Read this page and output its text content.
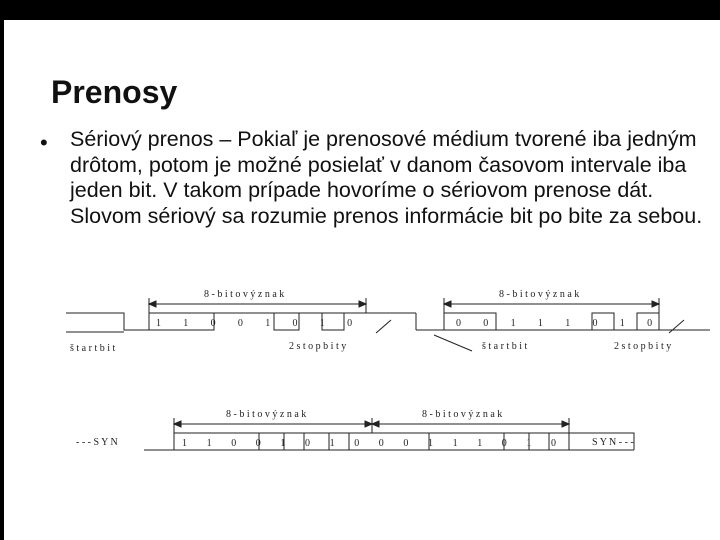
Prenosy
• Sériový prenos – Pokiaľ je prenosové médium tvorené iba jedným drôtom, potom je možné posielať v danom časovom intervale iba jeden bit. V takom prípade hovoríme o sériovom prenose dát. Slovom sériový sa rozumie prenos informácie bit po bite za sebou.

8 - b i t o v ý z n a k
1 1 0 0 1 0 1 0
š t a r t b i t	2 s t o p b i t y
8 - b i t o v ý z n a k
0 0 1 1 1 0 1 0
š t a r t b i t	2 s t o p b i t y
8 - b i t o v ý z n a k	8 - b i t o v ý z n a k
- - - S Y N	S Y N - - -
1 1 0 0 1 0 1 0 0 0 1 1 1 0 1 0
